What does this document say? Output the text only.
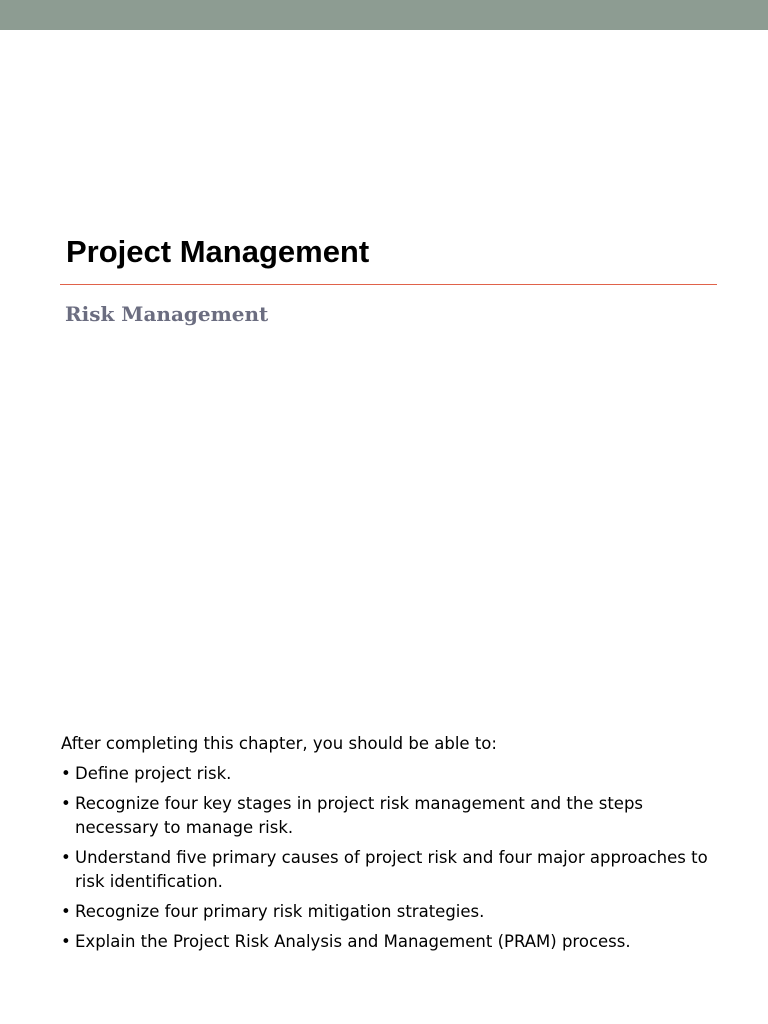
Project Management
Risk Management

After completing this chapter, you should be able to:

• Define project risk.
• Recognize four key stages in project risk management and the steps necessary to manage risk.
• Understand five primary causes of project risk and four major approaches to risk identification.
• Recognize four primary risk mitigation strategies.
• Explain the Project Risk Analysis and Management (PRAM) process.
